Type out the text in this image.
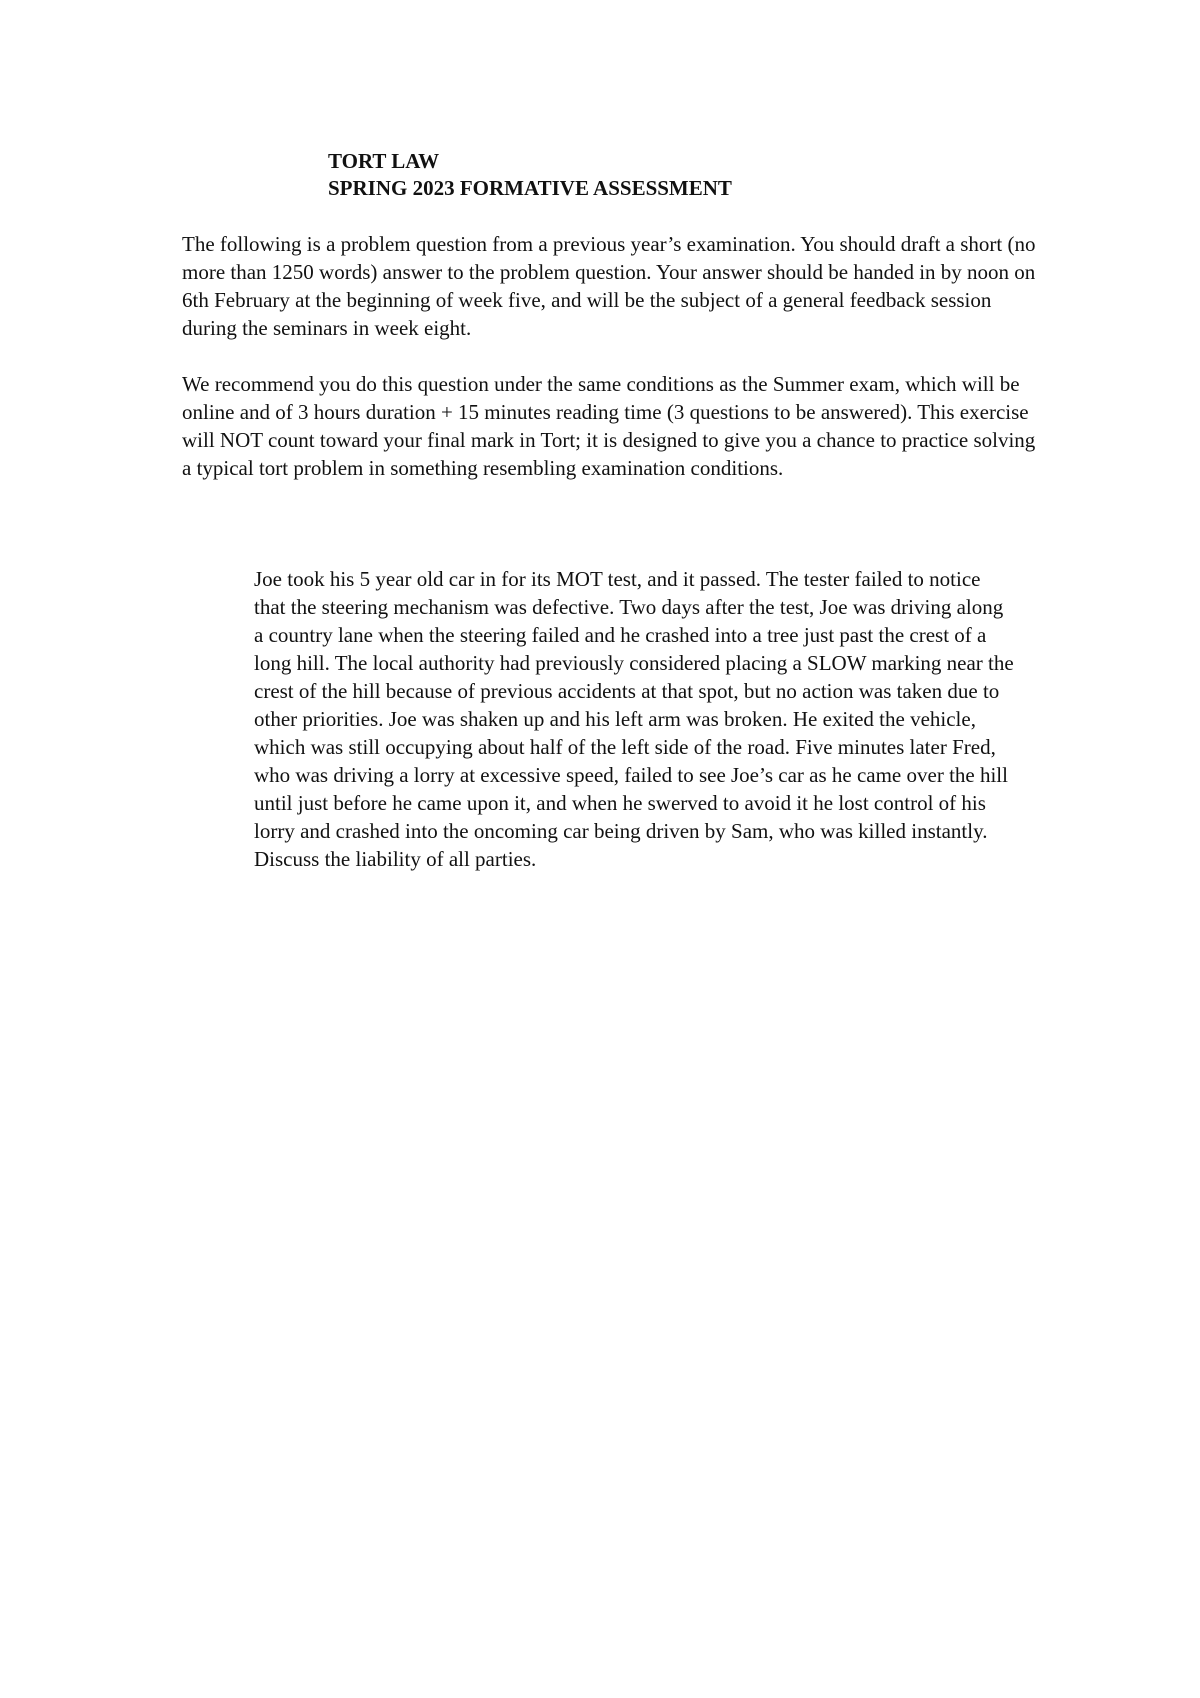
TORT LAW
SPRING 2023 FORMATIVE ASSESSMENT

The following is a problem question from a previous year’s examination. You should draft a short (no more than 1250 words) answer to the problem question. Your answer should be handed in by noon on 6th February at the beginning of week five, and will be the subject of a general feedback session during the seminars in week eight.

We recommend you do this question under the same conditions as the Summer exam, which will be online and of 3 hours duration + 15 minutes reading time (3 questions to be answered). This exercise will NOT count toward your final mark in Tort; it is designed to give you a chance to practice solving a typical tort problem in something resembling examination conditions.

Joe took his 5 year old car in for its MOT test, and it passed. The tester failed to notice that the steering mechanism was defective. Two days after the test, Joe was driving along a country lane when the steering failed and he crashed into a tree just past the crest of a long hill. The local authority had previously considered placing a SLOW marking near the crest of the hill because of previous accidents at that spot, but no action was taken due to other priorities. Joe was shaken up and his left arm was broken. He exited the vehicle, which was still occupying about half of the left side of the road. Five minutes later Fred, who was driving a lorry at excessive speed, failed to see Joe’s car as he came over the hill until just before he came upon it, and when he swerved to avoid it he lost control of his lorry and crashed into the oncoming car being driven by Sam, who was killed instantly. Discuss the liability of all parties.
